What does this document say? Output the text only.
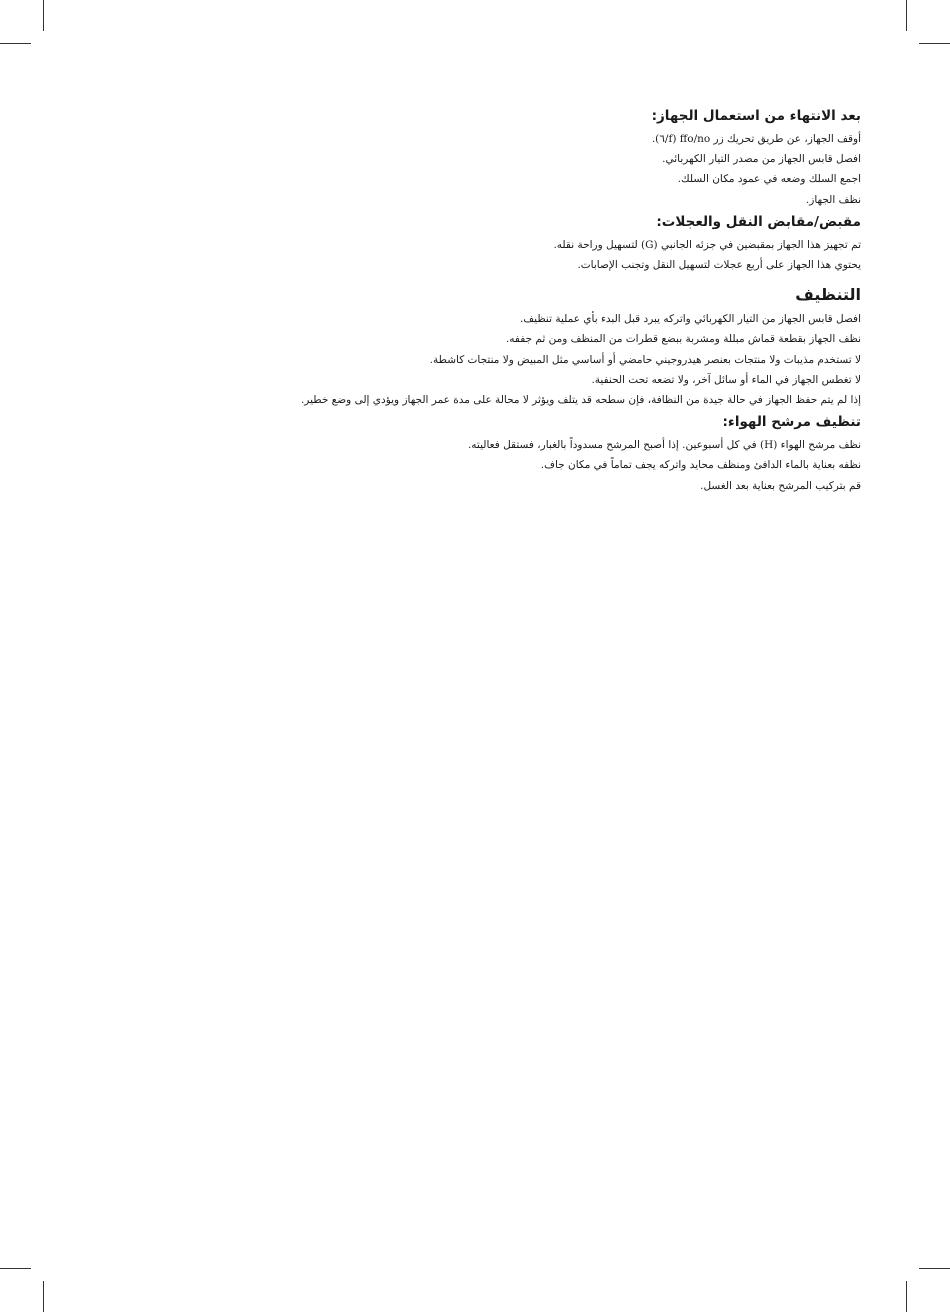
بعد الانتهاء من استعمال الجهاز:

أوقف الجهاز، عن طريق تحريك زر ffo/no (f/٦).

افصل قابس الجهاز من مصدر التيار الكهربائي.

اجمع السلك وضعه في عمود مكان السلك.

نظف الجهاز.

مقبض/مقابض النقل والعجلات:

تم تجهيز هذا الجهاز بمقبضين في جزئه الجانبي (G) لتسهيل وراحة نقله.

يحتوي هذا الجهاز على أربع عجلات لتسهيل النقل وتجنب الإصابات.

التنظيف

افصل قابس الجهاز من التيار الكهربائي واتركه يبرد قبل البدء بأي عملية تنظيف.

نظف الجهاز بقطعة قماش مبللة ومشربة ببضع قطرات من المنظف ومن ثم جففه.

لا تستخدم مذيبات ولا منتجات بعنصر هيدروجيني حامضي أو أساسي مثل المبيض ولا منتجات كاشطة.

لا تغطس الجهاز في الماء أو سائل آخر، ولا تضعه تحت الحنفية.

إذا لم يتم حفظ الجهاز في حالة جيدة من النظافة، فإن سطحه قد يتلف ويؤثر لا محالة على مدة عمر الجهاز ويؤدي إلى وضع خطير.

تنظيف مرشح الهواء:

نظف مرشح الهواء (H) في كل أسبوعين. إذا أصبح المرشح مسدوداً بالغبار، فستقل فعاليته.

نظفه بعناية بالماء الدافئ ومنظف محايد واتركه يجف تماماً في مكان جاف.

قم بتركيب المرشح بعناية بعد الغسل.
